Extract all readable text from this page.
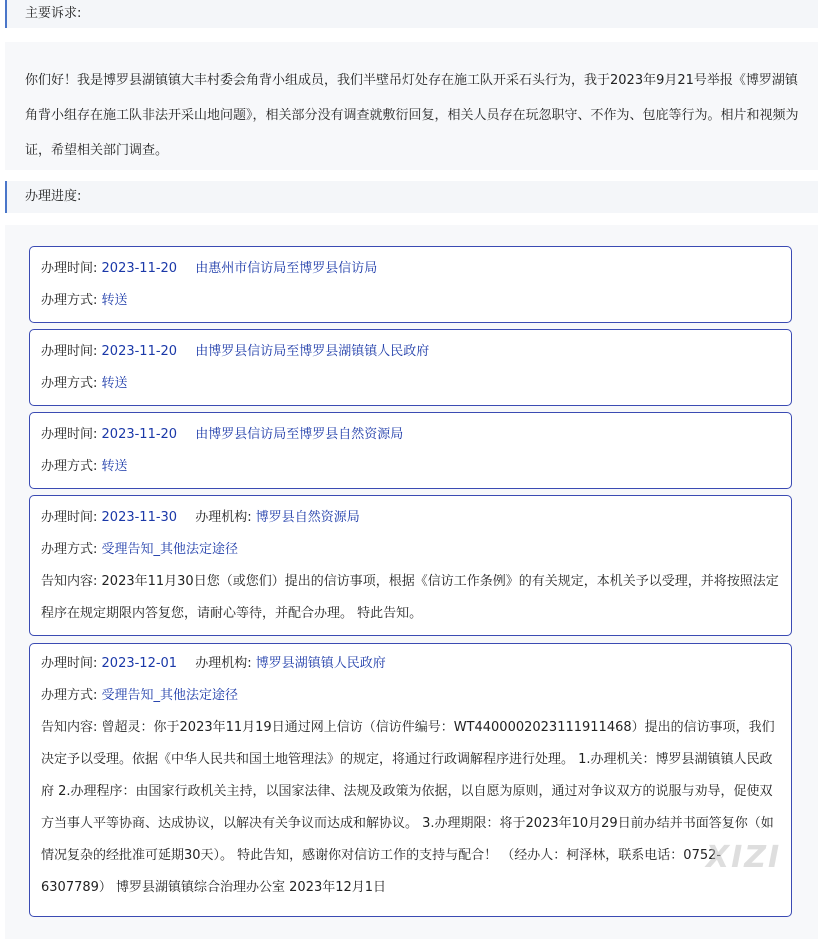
主要诉求:
你们好！我是博罗县湖镇镇大丰村委会角背小组成员，我们半壁吊灯处存在施工队开采石头行为，我于2023年9月21号举报《博罗湖镇角背小组存在施工队非法开采山地问题》，相关部分没有调查就敷衍回复，相关人员存在玩忽职守、不作为、包庇等行为。相片和视频为证，希望相关部门调查。
办理进度:
办理时间: 2023-11-20 由惠州市信访局至博罗县信访局
办理方式: 转送
办理时间: 2023-11-20 由博罗县信访局至博罗县湖镇镇人民政府
办理方式: 转送
办理时间: 2023-11-20 由博罗县信访局至博罗县自然资源局
办理方式: 转送
办理时间: 2023-11-30 办理机构: 博罗县自然资源局
办理方式: 受理告知_其他法定途径
告知内容: 2023年11月30日您（或您们）提出的信访事项，根据《信访工作条例》的有关规定，本机关予以受理，并将按照法定程序在规定期限内答复您，请耐心等待，并配合办理。 特此告知。
办理时间: 2023-12-01 办理机构: 博罗县湖镇镇人民政府
办理方式: 受理告知_其他法定途径
告知内容: 曾超灵：你于2023年11月19日通过网上信访（信访件编号：WT4400002023111911468）提出的信访事项，我们决定予以受理。依据《中华人民共和国土地管理法》的规定，将通过行政调解程序进行处理。 1.办理机关：博罗县湖镇镇人民政府 2.办理程序：由国家行政机关主持，以国家法律、法规及政策为依据，以自愿为原则，通过对争议双方的说服与劝导，促使双方当事人平等协商、达成协议，以解决有关争议而达成和解协议。 3.办理期限：将于2023年10月29日前办结并书面答复你（如情况复杂的经批准可延期30天）。 特此告知，感谢你对信访工作的支持与配合！ （经办人：柯泽林，联系电话：0752-6307789） 博罗县湖镇镇综合治理办公室 2023年12月1日
XIZI
